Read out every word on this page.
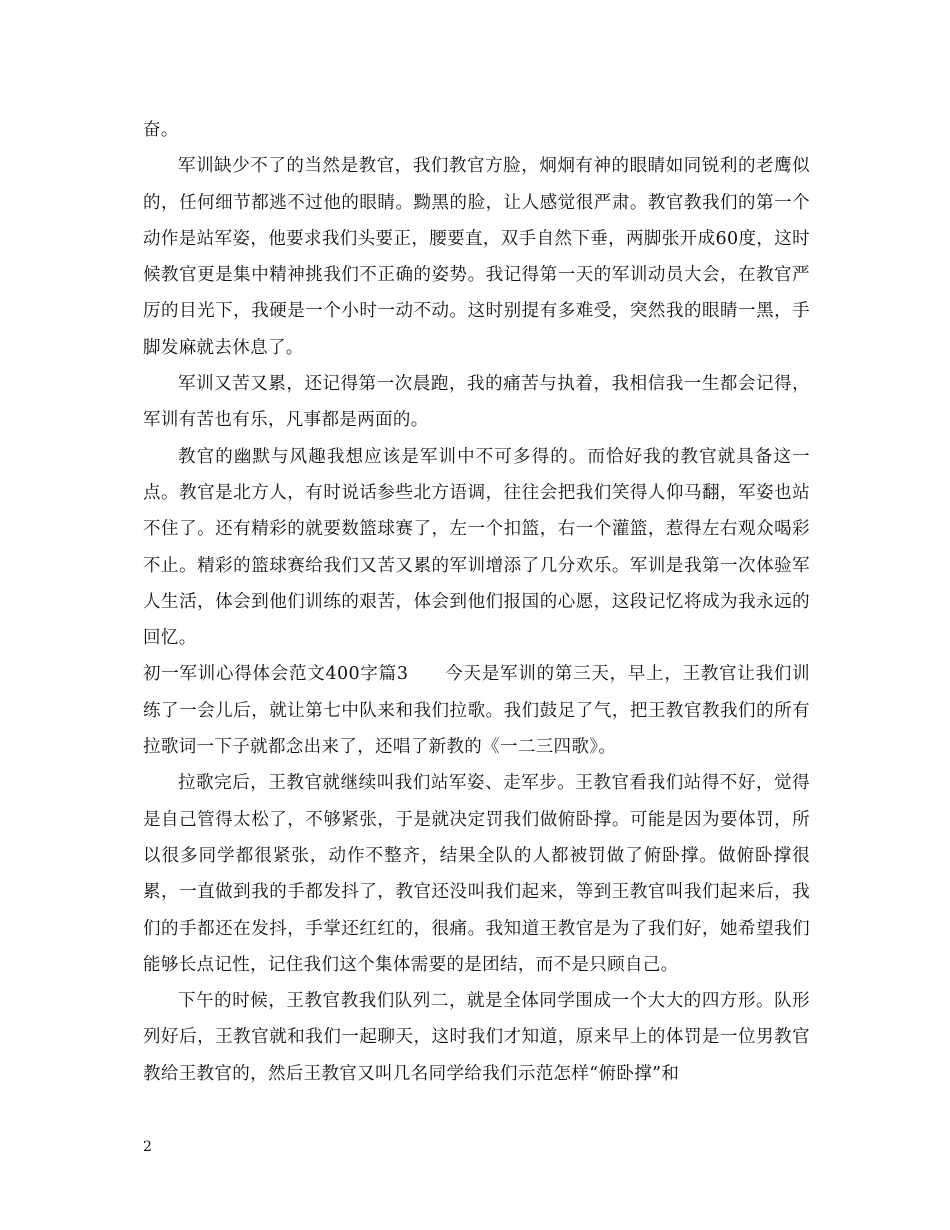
奋。

军训缺少不了的当然是教官，我们教官方脸，炯炯有神的眼睛如同锐利的老鹰似的，任何细节都逃不过他的眼睛。黝黑的脸，让人感觉很严肃。教官教我们的第一个动作是站军姿，他要求我们头要正，腰要直，双手自然下垂，两脚张开成60度，这时候教官更是集中精神挑我们不正确的姿势。我记得第一天的军训动员大会，在教官严厉的目光下，我硬是一个小时一动不动。这时别提有多难受，突然我的眼睛一黑，手脚发麻就去休息了。

军训又苦又累，还记得第一次晨跑，我的痛苦与执着，我相信我一生都会记得，军训有苦也有乐，凡事都是两面的。

教官的幽默与风趣我想应该是军训中不可多得的。而恰好我的教官就具备这一点。教官是北方人，有时说话参些北方语调，往往会把我们笑得人仰马翻，军姿也站不住了。还有精彩的就要数篮球赛了，左一个扣篮，右一个灌篮，惹得左右观众喝彩不止。精彩的篮球赛给我们又苦又累的军训增添了几分欢乐。军训是我第一次体验军人生活，体会到他们训练的艰苦，体会到他们报国的心愿，这段记忆将成为我永远的回忆。

初一军训心得体会范文400字篇3　　今天是军训的第三天，早上，王教官让我们训练了一会儿后，就让第七中队来和我们拉歌。我们鼓足了气，把王教官教我们的所有拉歌词一下子就都念出来了，还唱了新教的《一二三四歌》。

拉歌完后，王教官就继续叫我们站军姿、走军步。王教官看我们站得不好，觉得是自己管得太松了，不够紧张，于是就决定罚我们做俯卧撑。可能是因为要体罚，所以很多同学都很紧张，动作不整齐，结果全队的人都被罚做了俯卧撑。做俯卧撑很累，一直做到我的手都发抖了，教官还没叫我们起来，等到王教官叫我们起来后，我们的手都还在发抖，手掌还红红的，很痛。我知道王教官是为了我们好，她希望我们能够长点记性，记住我们这个集体需要的是团结，而不是只顾自己。

下午的时候，王教官教我们队列二，就是全体同学围成一个大大的四方形。队形列好后，王教官就和我们一起聊天，这时我们才知道，原来早上的体罚是一位男教官教给王教官的，然后王教官又叫几名同学给我们示范怎样“俯卧撑”和

2
